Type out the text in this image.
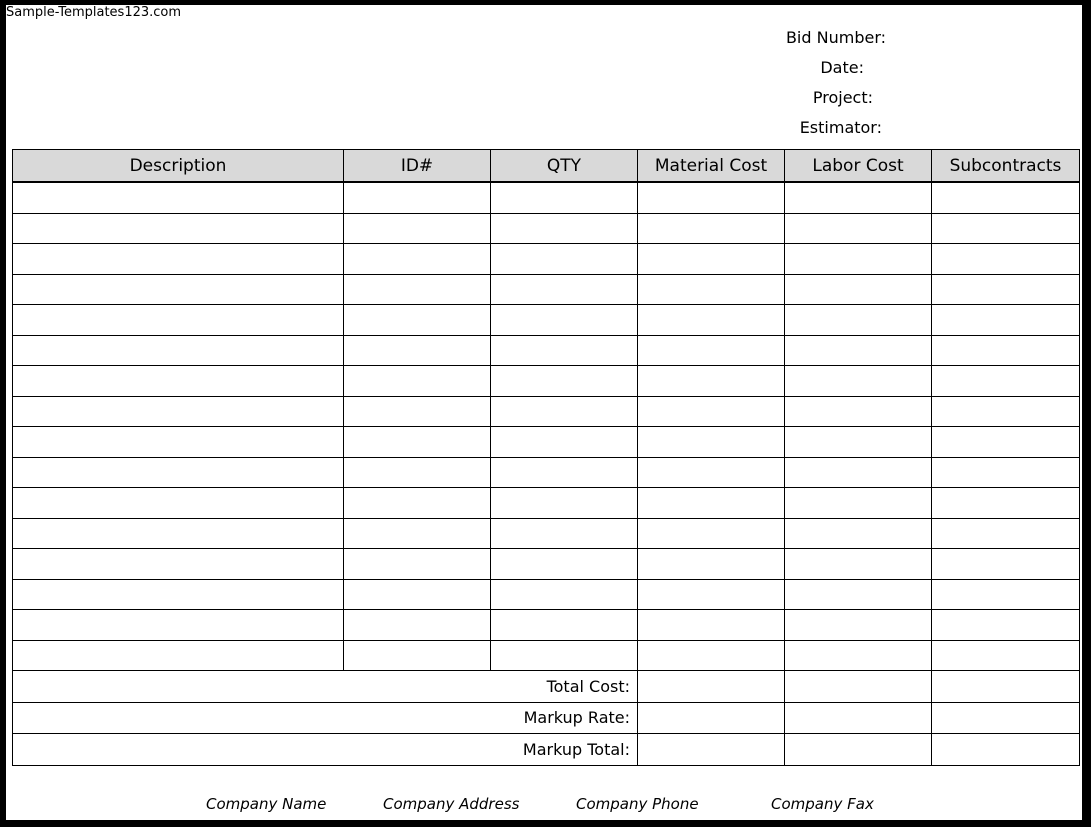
Bid Number:
Date:
Project:
Estimator:
Sample-Templates123.com
Description	ID#	QTY	Material Cost	Labor Cost	Subcontracts

Total Cost:					
Markup Rate:					
Markup Total:					
Company Name	Company Address	Company Phone	Company Fax
